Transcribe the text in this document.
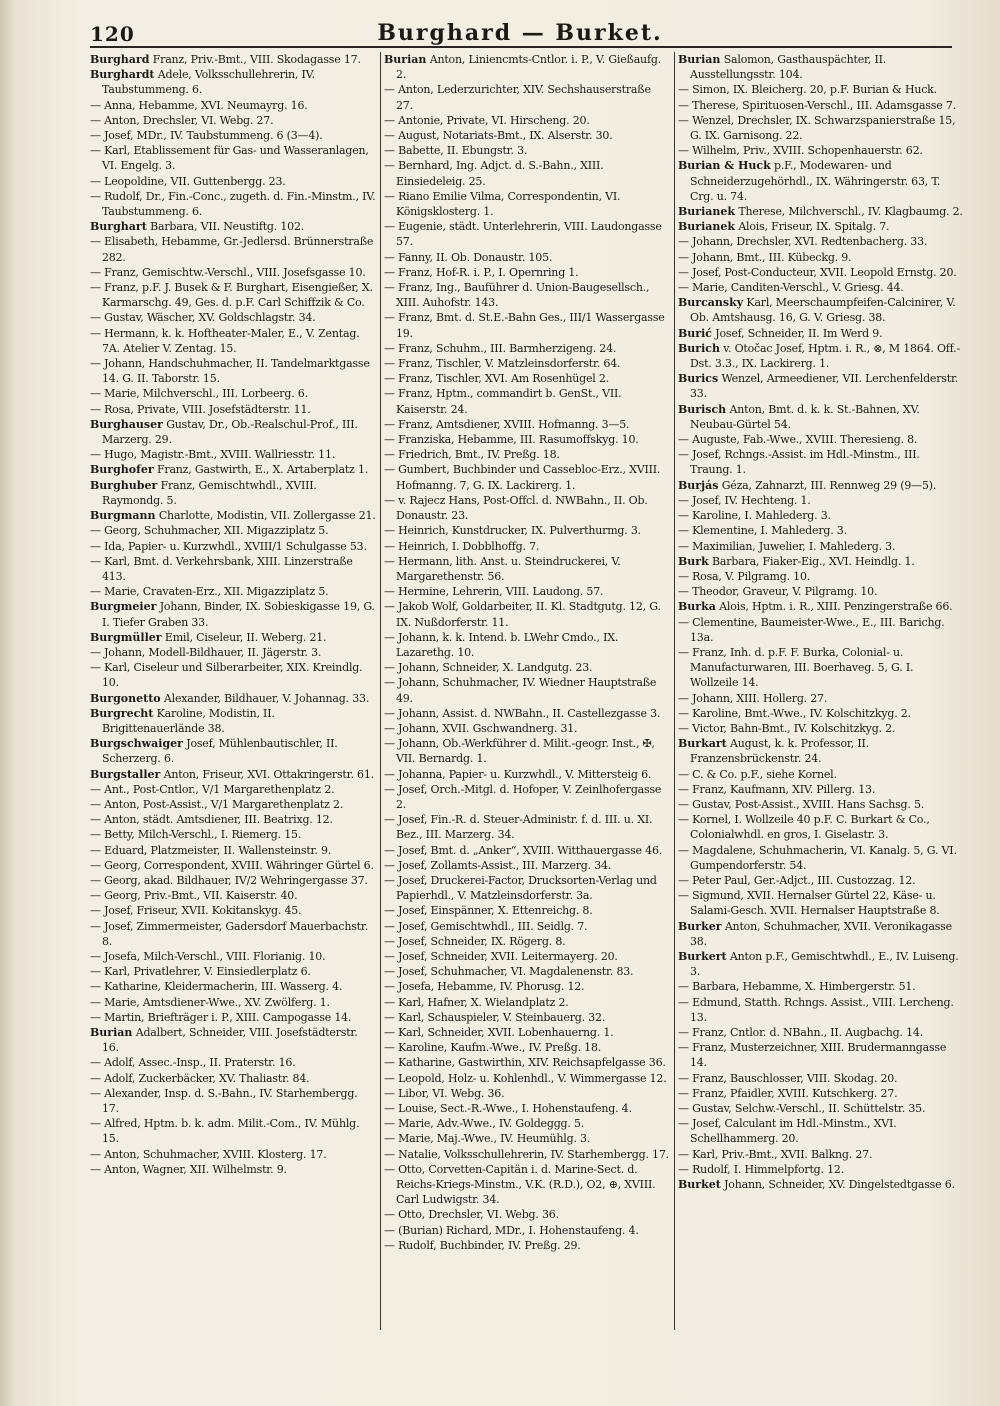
120	Burghard — Burket.

Burghard Franz, Priv.-Bmt., VIII. Skodagasse 17.

Burghardt Adele, Volksschullehrerin, IV. Taubstummeng. 6.

— Anna, Hebamme, XVI. Neumayrg. 16.

— Anton, Drechsler, VI. Webg. 27.

— Josef, MDr., IV. Taubstummeng. 6 (3—4).

— Karl, Etablissement für Gas- und Wasseranlagen, VI. Engelg. 3.

— Leopoldine, VII. Guttenbergg. 23.

— Rudolf, Dr., Fin.-Conc., zugeth. d. Fin.-Minstm., IV. Taubstummeng. 6.

Burghart Barbara, VII. Neustiftg. 102.

— Elisabeth, Hebamme, Gr.-Jedlersd. Brünnerstraße 282.

— Franz, Gemischtw.-Verschl., VIII. Josefsgasse 10.

— Franz, p.F. J. Busek & F. Burghart, Eisengießer, X. Karmarschg. 49, Ges. d. p.F. Carl Schiffzik & Co.

— Gustav, Wäscher, XV. Goldschlagstr. 34.

— Hermann, k. k. Hoftheater-Maler, E., V. Zentag. 7A. Atelier V. Zentag. 15.

— Johann, Handschuhmacher, II. Tandelmarktgasse 14. G. II. Taborstr. 15.

— Marie, Milchverschl., III. Lorbeerg. 6.

— Rosa, Private, VIII. Josefstädterstr. 11.

Burghauser Gustav, Dr., Ob.-Realschul-Prof., III. Marzerg. 29.

— Hugo, Magistr.-Bmt., XVIII. Wallriesstr. 11.

Burghofer Franz, Gastwirth, E., X. Artaberplatz 1.

Burghuber Franz, Gemischtwhdl., XVIII. Raymondg. 5.

Burgmann Charlotte, Modistin, VII. Zollergasse 21.

— Georg, Schuhmacher, XII. Migazziplatz 5.

— Ida, Papier- u. Kurzwhdl., XVIII/1 Schulgasse 53.

— Karl, Bmt. d. Verkehrsbank, XIII. Linzerstraße 413.

— Marie, Cravaten-Erz., XII. Migazziplatz 5.

Burgmeier Johann, Binder, IX. Sobieskigasse 19, G. I. Tiefer Graben 33.

Burgmüller Emil, Ciseleur, II. Weberg. 21.

— Johann, Modell-Bildhauer, II. Jägerstr. 3.

— Karl, Ciseleur und Silberarbeiter, XIX. Kreindlg. 10.

Burgonetto Alexander, Bildhauer, V. Johannag. 33.

Burgrecht Karoline, Modistin, II. Brigittenauerlände 38.

Burgschwaiger Josef, Mühlenbautischler, II. Scherzerg. 6.

Burgstaller Anton, Friseur, XVI. Ottakringerstr. 61.

— Ant., Post-Cntlor., V/1 Margarethenplatz 2.

— Anton, Post-Assist., V/1 Margarethenplatz 2.

— Anton, städt. Amtsdiener, III. Beatrixg. 12.

— Betty, Milch-Verschl., I. Riemerg. 15.

— Eduard, Platzmeister, II. Wallensteinstr. 9.

— Georg, Correspondent, XVIII. Währinger Gürtel 6.

— Georg, akad. Bildhauer, IV/2 Wehringergasse 37.

— Georg, Priv.-Bmt., VII. Kaiserstr. 40.

— Josef, Friseur, XVII. Kokitanskyg. 45.

— Josef, Zimmermeister, Gadersdorf Mauerbachstr. 8.

— Josefa, Milch-Verschl., VIII. Florianig. 10.

— Karl, Privatlehrer, V. Einsiedlerplatz 6.

— Katharine, Kleidermacherin, III. Wasserg. 4.

— Marie, Amtsdiener-Wwe., XV. Zwölferg. 1.

— Martin, Briefträger i. P., XIII. Campogasse 14.

Burian Adalbert, Schneider, VIII. Josefstädterstr. 16.

— Adolf, Assec.-Insp., II. Praterstr. 16.

— Adolf, Zuckerbäcker, XV. Thaliastr. 84.

— Alexander, Insp. d. S.-Bahn., IV. Starhembergg. 17.

— Alfred, Hptm. b. k. adm. Milit.-Com., IV. Mühlg. 15.

— Anton, Schuhmacher, XVIII. Klosterg. 17.

— Anton, Wagner, XII. Wilhelmstr. 9.

Burian Anton, Liniencmts-Cntlor. i. P., V. Gießaufg. 2.

— Anton, Lederzurichter, XIV. Sechshauserstraße 27.

— Antonie, Private, VI. Hirscheng. 20.

— August, Notariats-Bmt., IX. Alserstr. 30.

— Babette, II. Ebungstr. 3.

— Bernhard, Ing. Adjct. d. S.-Bahn., XIII. Einsiedeleig. 25.

— Riano Emilie Vilma, Correspondentin, VI. Königsklosterg. 1.

— Eugenie, städt. Unterlehrerin, VIII. Laudongasse 57.

— Fanny, II. Ob. Donaustr. 105.

— Franz, Hof-R. i. P., I. Opernring 1.

— Franz, Ing., Bauführer d. Union-Baugesellsch., XIII. Auhofstr. 143.

— Franz, Bmt. d. St.E.-Bahn Ges., III/1 Wassergasse 19.

— Franz, Schuhm., III. Barmherzigeng. 24.

— Franz, Tischler, V. Matzleinsdorferstr. 64.

— Franz, Tischler, XVI. Am Rosenhügel 2.

— Franz, Hptm., commandirt b. GenSt., VII. Kaiserstr. 24.

— Franz, Amtsdiener, XVIII. Hofmanng. 3—5.

— Franziska, Hebamme, III. Rasumoffskyg. 10.

— Friedrich, Bmt., IV. Preßg. 18.

— Gumbert, Buchbinder und Cassebloc-Erz., XVIII. Hofmanng. 7, G. IX. Lackirerg. 1.

— v. Rajecz Hans, Post-Offcl. d. NWBahn., II. Ob. Donaustr. 23.

— Heinrich, Kunstdrucker, IX. Pulverthurmg. 3.

— Heinrich, I. Dobblhoffg. 7.

— Hermann, lith. Anst. u. Steindruckerei, V. Margarethenstr. 56.

— Hermine, Lehrerin, VIII. Laudong. 57.

— Jakob Wolf, Goldarbeiter, II. Kl. Stadtgutg. 12, G. IX. Nußdorferstr. 11.

— Johann, k. k. Intend. b. LWehr Cmdo., IX. Lazarethg. 10.

— Johann, Schneider, X. Landgutg. 23.

— Johann, Schuhmacher, IV. Wiedner Hauptstraße 49.

— Johann, Assist. d. NWBahn., II. Castellezgasse 3.

— Johann, XVII. Gschwandnerg. 31.

— Johann, Ob.-Werkführer d. Milit.-geogr. Inst., ✠, VII. Bernardg. 1.

— Johanna, Papier- u. Kurzwhdl., V. Mittersteig 6.

— Josef, Orch.-Mitgl. d. Hofoper, V. Zeinlhofergasse 2.

— Josef, Fin.-R. d. Steuer-Administr. f. d. III. u. XI. Bez., III. Marzerg. 34.

— Josef, Bmt. d. „Anker“, XVIII. Witthauergasse 46.

— Josef, Zollamts-Assist., III. Marzerg. 34.

— Josef, Druckerei-Factor, Drucksorten-Verlag und Papierhdl., V. Matzleinsdorferstr. 3a.

— Josef, Einspänner, X. Ettenreichg. 8.

— Josef, Gemischtwhdl., III. Seidlg. 7.

— Josef, Schneider, IX. Rögerg. 8.

— Josef, Schneider, XVII. Leitermayerg. 20.

— Josef, Schuhmacher, VI. Magdalenenstr. 83.

— Josefa, Hebamme, IV. Phorusg. 12.

— Karl, Hafner, X. Wielandplatz 2.

— Karl, Schauspieler, V. Steinbauerg. 32.

— Karl, Schneider, XVII. Lobenhauerng. 1.

— Karoline, Kaufm.-Wwe., IV. Preßg. 18.

— Katharine, Gastwirthin, XIV. Reichsapfelgasse 36.

— Leopold, Holz- u. Kohlenhdl., V. Wimmergasse 12.

— Libor, VI. Webg. 36.

— Louise, Sect.-R.-Wwe., I. Hohenstaufeng. 4.

— Marie, Adv.-Wwe., IV. Goldeggg. 5.

— Marie, Maj.-Wwe., IV. Heumühlg. 3.

— Natalie, Volksschullehrerin, IV. Starhembergg. 17.

— Otto, Corvetten-Capitän i. d. Marine-Sect. d. Reichs-Kriegs-Minstm., V.K. (R.D.), O2, ⊕, XVIII. Carl Ludwigstr. 34.

— Otto, Drechsler, VI. Webg. 36.

— (Burian) Richard, MDr., I. Hohenstaufeng. 4.

— Rudolf, Buchbinder, IV. Preßg. 29.

Burian Salomon, Gasthauspächter, II. Ausstellungsstr. 104.

— Simon, IX. Bleicherg. 20, p.F. Burian & Huck.

— Therese, Spirituosen-Verschl., III. Adamsgasse 7.

— Wenzel, Drechsler, IX. Schwarzspanierstraße 15, G. IX. Garnisong. 22.

— Wilhelm, Priv., XVIII. Schopenhauerstr. 62.

Burian & Huck p.F., Modewaren- und Schneiderzugehörhdl., IX. Währingerstr. 63, T. Crg. u. 74.

Burianek Therese, Milchverschl., IV. Klagbaumg. 2.

Burianek Alois, Friseur, IX. Spitalg. 7.

— Johann, Drechsler, XVI. Redtenbacherg. 33.

— Johann, Bmt., III. Kübeckg. 9.

— Josef, Post-Conducteur, XVII. Leopold Ernstg. 20.

— Marie, Canditen-Verschl., V. Griesg. 44.

Burcansky Karl, Meerschaumpfeifen-Calcinirer, V. Ob. Amtshausg. 16, G. V. Griesg. 38.

Burić Josef, Schneider, II. Im Werd 9.

Burich v. Otočac Josef, Hptm. i. R., ⊗, M 1864. Off.-Dst. 3.3., IX. Lackirerg. 1.

Burics Wenzel, Armeediener, VII. Lerchenfelderstr. 33.

Burisch Anton, Bmt. d. k. k. St.-Bahnen, XV. Neubau-Gürtel 54.

— Auguste, Fab.-Wwe., XVIII. Theresieng. 8.

— Josef, Rchngs.-Assist. im Hdl.-Minstm., III. Traung. 1.

Burjás Géza, Zahnarzt, III. Rennweg 29 (9—5).

— Josef, IV. Hechteng. 1.

— Karoline, I. Mahlederg. 3.

— Klementine, I. Mahlederg. 3.

— Maximilian, Juwelier, I. Mahlederg. 3.

Burk Barbara, Fiaker-Eig., XVI. Heindlg. 1.

— Rosa, V. Pilgramg. 10.

— Theodor, Graveur, V. Pilgramg. 10.

Burka Alois, Hptm. i. R., XIII. Penzingerstraße 66.

— Clementine, Baumeister-Wwe., E., III. Barichg. 13a.

— Franz, Inh. d. p.F. F. Burka, Colonial- u. Manufacturwaren, III. Boerhaveg. 5, G. I. Wollzeile 14.

— Johann, XIII. Hollerg. 27.

— Karoline, Bmt.-Wwe., IV. Kolschitzkyg. 2.

— Victor, Bahn-Bmt., IV. Kolschitzkyg. 2.

Burkart August, k. k. Professor, II. Franzensbrückenstr. 24.

— C. & Co. p.F., siehe Kornel.

— Franz, Kaufmann, XIV. Pillerg. 13.

— Gustav, Post-Assist., XVIII. Hans Sachsg. 5.

— Kornel, I. Wollzeile 40 p.F. C. Burkart & Co., Colonialwhdl. en gros, I. Giselastr. 3.

— Magdalene, Schuhmacherin, VI. Kanalg. 5, G. VI. Gumpendorferstr. 54.

— Peter Paul, Ger.-Adjct., III. Custozzag. 12.

— Sigmund, XVII. Hernalser Gürtel 22, Käse- u. Salami-Gesch. XVII. Hernalser Hauptstraße 8.

Burker Anton, Schuhmacher, XVII. Veronikagasse 38.

Burkert Anton p.F., Gemischtwhdl., E., IV. Luiseng. 3.

— Barbara, Hebamme, X. Himbergerstr. 51.

— Edmund, Statth. Rchngs. Assist., VIII. Lercheng. 13.

— Franz, Cntlor. d. NBahn., II. Augbachg. 14.

— Franz, Musterzeichner, XIII. Brudermanngasse 14.

— Franz, Bauschlosser, VIII. Skodag. 20.

— Franz, Pfaidler, XVIII. Kutschkerg. 27.

— Gustav, Selchw.-Verschl., II. Schüttelstr. 35.

— Josef, Calculant im Hdl.-Minstm., XVI. Schellhammerg. 20.

— Karl, Priv.-Bmt., XVII. Balkng. 27.

— Rudolf, I. Himmelpfortg. 12.

Burket Johann, Schneider, XV. Dingelstedtgasse 6.
